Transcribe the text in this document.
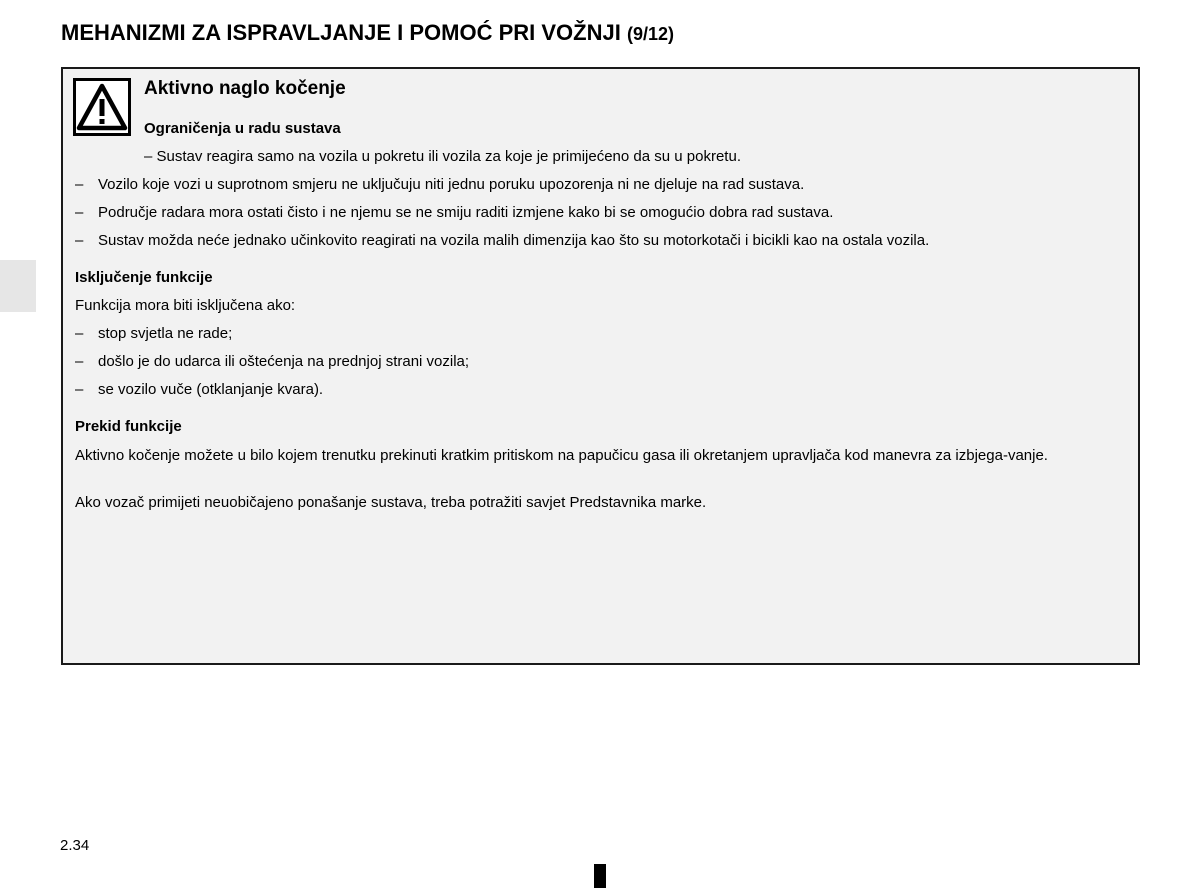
MEHANIZMI ZA ISPRAVLJANJE I POMOĆ PRI VOŽNJI (9/12)
Aktivno naglo kočenje
Ograničenja u radu sustava
– Sustav reagira samo na vozila u pokretu ili vozila za koje je primijećeno da su u pokretu.
– Vozilo koje vozi u suprotnom smjeru ne uključuju niti jednu poruku upozorenja ni ne djeluje na rad sustava.
– Područje radara mora ostati čisto i ne njemu se ne smiju raditi izmjene kako bi se omogućio dobra rad sustava.
– Sustav možda neće jednako učinkovito reagirati na vozila malih dimenzija kao što su motorkotači i bicikli kao na ostala vozila.
Isključenje funkcije
Funkcija mora biti isključena ako:
– stop svjetla ne rade;
– došlo je do udarca ili oštećenja na prednjoj strani vozila;
– se vozilo vuče (otklanjanje kvara).
Prekid funkcije
Aktivno kočenje možete u bilo kojem trenutku prekinuti kratkim pritiskom na papučicu gasa ili okretanjem upravljača kod manevra za izbjega-vanje.
Ako vozač primijeti neuobičajeno ponašanje sustava, treba potražiti savjet Predstavnika marke.
2.34
